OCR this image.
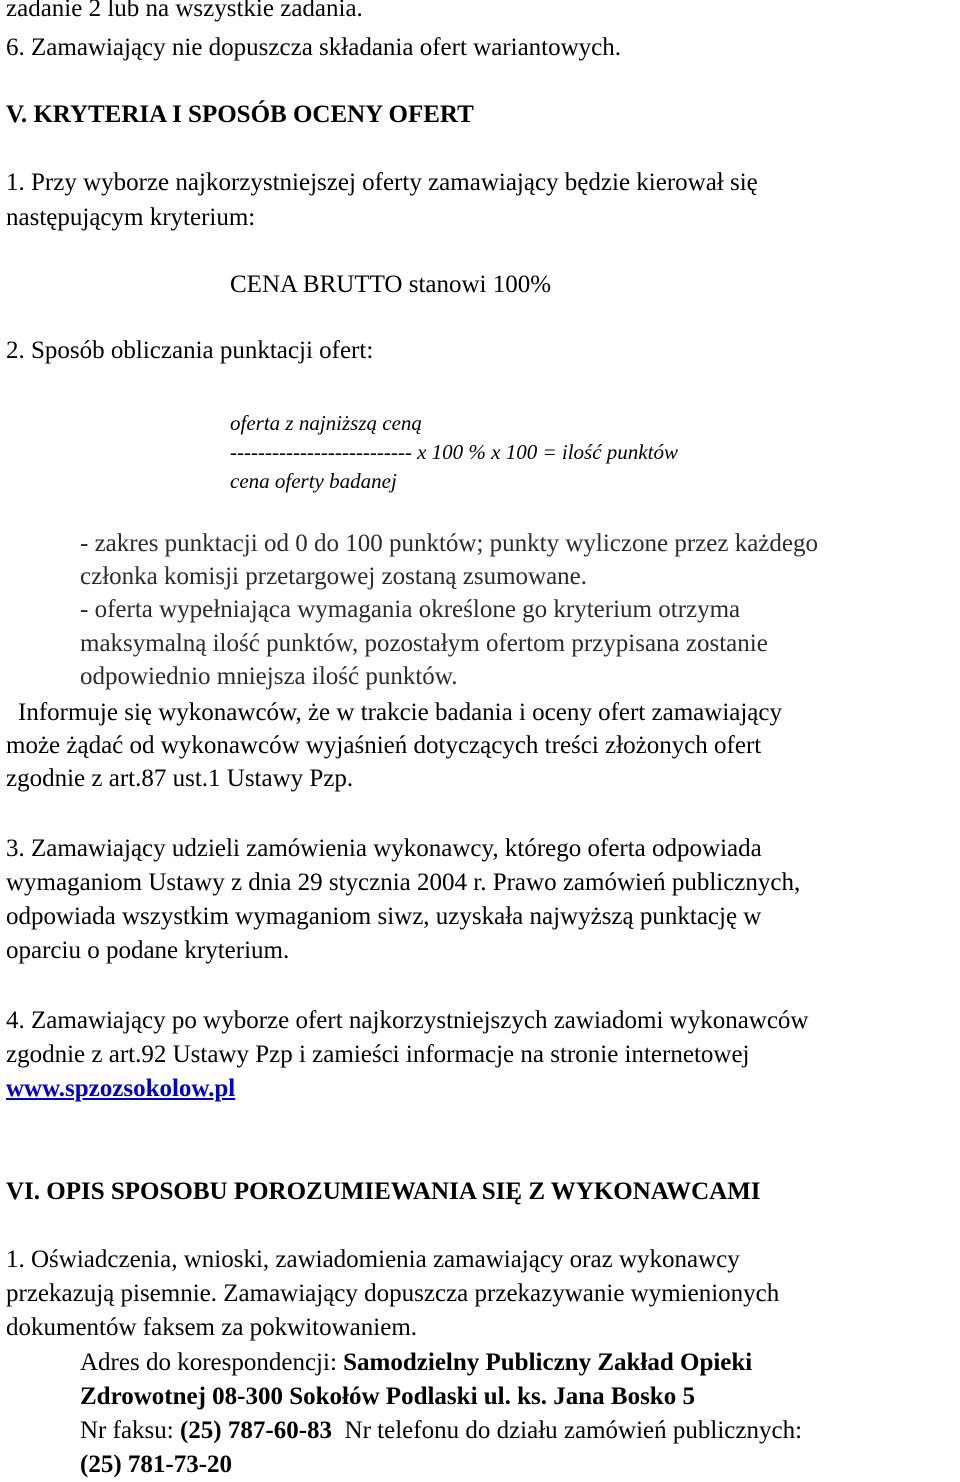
zadanie 2 lub na wszystkie zadania.
6. Zamawiający nie dopuszcza składania ofert wariantowych.
V. KRYTERIA I SPOSÓB OCENY OFERT
1. Przy wyborze najkorzystniejszej oferty zamawiający będzie kierował się
następującym kryterium:
CENA BRUTTO stanowi 100%
2. Sposób obliczania punktacji ofert:
oferta z najniższą ceną
-------------------------- x 100 % x 100 = ilość punktów
cena oferty badanej
- zakres punktacji od 0 do 100 punktów; punkty wyliczone przez każdego
członka komisji przetargowej zostaną zsumowane.
- oferta wypełniająca wymagania określone go kryterium otrzyma
maksymalną ilość punktów, pozostałym ofertom przypisana zostanie
odpowiednio mniejsza ilość punktów.
Informuje się wykonawców, że w trakcie badania i oceny ofert zamawiający
może żądać od wykonawców wyjaśnień dotyczących treści złożonych ofert
zgodnie z art.87 ust.1 Ustawy Pzp.
3. Zamawiający udzieli zamówienia wykonawcy, którego oferta odpowiada
wymaganiom Ustawy z dnia 29 stycznia 2004 r. Prawo zamówień publicznych,
odpowiada wszystkim wymaganiom siwz, uzyskała najwyższą punktację w
oparciu o podane kryterium.
4. Zamawiający po wyborze ofert najkorzystniejszych zawiadomi wykonawców
zgodnie z art.92 Ustawy Pzp i zamieści informacje na stronie internetowej
www.spzozsokolow.pl
VI. OPIS SPOSOBU POROZUMIEWANIA SIĘ Z WYKONAWCAMI
1. Oświadczenia, wnioski, zawiadomienia zamawiający oraz wykonawcy
przekazują pisemnie. Zamawiający dopuszcza przekazywanie wymienionych
dokumentów faksem za pokwitowaniem.
Adres do korespondencji: Samodzielny Publiczny Zakład Opieki
Zdrowotnej 08-300 Sokołów Podlaski ul. ks. Jana Bosko 5
Nr faksu: (25) 787-60-83  Nr telefonu do działu zamówień publicznych:
(25) 781-73-20
